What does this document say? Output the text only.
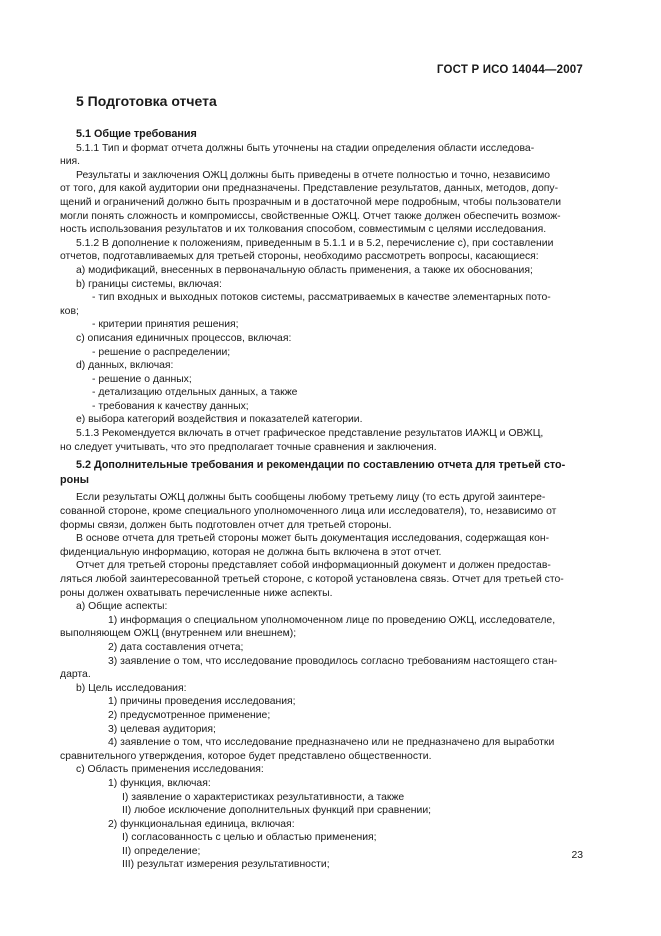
ГОСТ Р ИСО 14044—2007
5 Подготовка отчета
5.1 Общие требования

5.1.1 Тип и формат отчета должны быть уточнены на стадии определения области исследова-

ния.

Результаты и заключения ОЖЦ должны быть приведены в отчете полностью и точно, независимо

от того, для какой аудитории они предназначены. Представление результатов, данных, методов, допу-

щений и ограничений должно быть прозрачным и в достаточной мере подробным, чтобы пользователи

могли понять сложность и компромиссы, свойственные ОЖЦ. Отчет также должен обеспечить возмож-

ность использования результатов и их толкования способом, совместимым с целями исследования.

5.1.2 В дополнение к положениям, приведенным в 5.1.1 и в 5.2, перечисление с), при составлении

отчетов, подготавливаемых для третьей стороны, необходимо рассмотреть вопросы, касающиеся:

a) модификаций, внесенных в первоначальную область применения, а также их обоснования;

b) границы системы, включая:

- тип входных и выходных потоков системы, рассматриваемых в качестве элементарных пото-

ков;

- критерии принятия решения;

c) описания единичных процессов, включая:

- решение о распределении;

d) данных, включая:

- решение о данных;

- детализацию отдельных данных, а также

- требования к качеству данных;

e) выбора категорий воздействия и показателей категории.

5.1.3 Рекомендуется включать в отчет графическое представление результатов ИАЖЦ и ОВЖЦ,

но следует учитывать, что это предполагает точные сравнения и заключения.

5.2 Дополнительные требования и рекомендации по составлению отчета для третьей сто-
роны

Если результаты ОЖЦ должны быть сообщены любому третьему лицу (то есть другой заинтере-

сованной стороне, кроме специального уполномоченного лица или исследователя), то, независимо от

формы связи, должен быть подготовлен отчет для третьей стороны.

В основе отчета для третьей стороны может быть документация исследования, содержащая кон-

фиденциальную информацию, которая не должна быть включена в этот отчет.

Отчет для третьей стороны представляет собой информационный документ и должен предостав-

ляться любой заинтересованной третьей стороне, с которой установлена связь. Отчет для третьей сто-

роны должен охватывать перечисленные ниже аспекты.

a) Общие аспекты:

1) информация о специальном уполномоченном лице по проведению ОЖЦ, исследователе,

выполняющем ОЖЦ (внутреннем или внешнем);

2) дата составления отчета;

3) заявление о том, что исследование проводилось согласно требованиям настоящего стан-

дарта.

b) Цель исследования:

1) причины проведения исследования;

2) предусмотренное применение;

3) целевая аудитория;

4) заявление о том, что исследование предназначено или не предназначено для выработки

сравнительного утверждения, которое будет представлено общественности.

c) Область применения исследования:

1) функция, включая:

I) заявление о характеристиках результативности, а также

II) любое исключение дополнительных функций при сравнении;

2) функциональная единица, включая:

I) согласованность с целью и областью применения;

II) определение;

III) результат измерения результативности;

23
